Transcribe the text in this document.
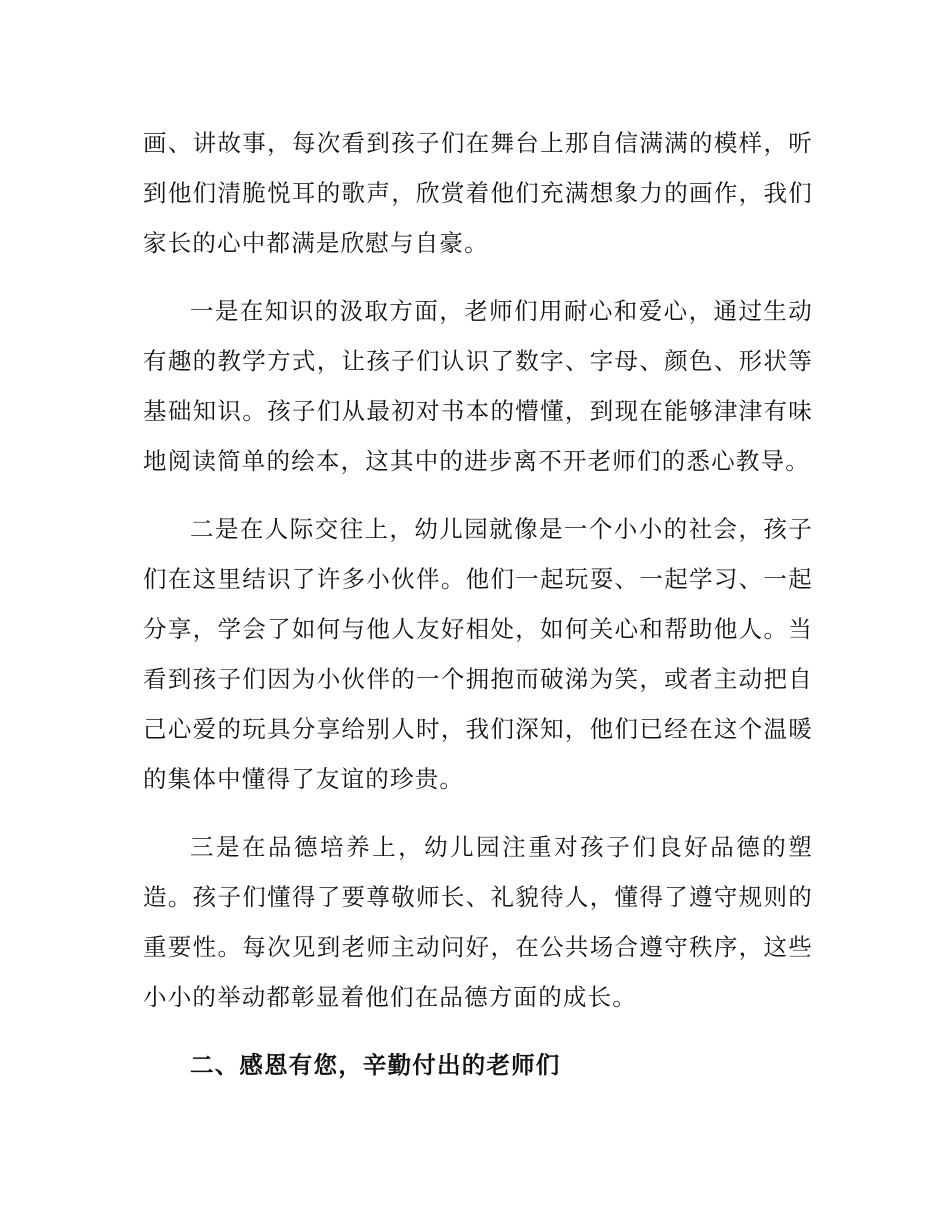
画、讲故事，每次看到孩子们在舞台上那自信满满的模样，听到他们清脆悦耳的歌声，欣赏着他们充满想象力的画作，我们家长的心中都满是欣慰与自豪。

一是在知识的汲取方面，老师们用耐心和爱心，通过生动有趣的教学方式，让孩子们认识了数字、字母、颜色、形状等基础知识。孩子们从最初对书本的懵懂，到现在能够津津有味地阅读简单的绘本，这其中的进步离不开老师们的悉心教导。

二是在人际交往上，幼儿园就像是一个小小的社会，孩子们在这里结识了许多小伙伴。他们一起玩耍、一起学习、一起分享，学会了如何与他人友好相处，如何关心和帮助他人。当看到孩子们因为小伙伴的一个拥抱而破涕为笑，或者主动把自己心爱的玩具分享给别人时，我们深知，他们已经在这个温暖的集体中懂得了友谊的珍贵。

三是在品德培养上，幼儿园注重对孩子们良好品德的塑造。孩子们懂得了要尊敬师长、礼貌待人，懂得了遵守规则的重要性。每次见到老师主动问好，在公共场合遵守秩序，这些小小的举动都彰显着他们在品德方面的成长。

二、感恩有您，辛勤付出的老师们
